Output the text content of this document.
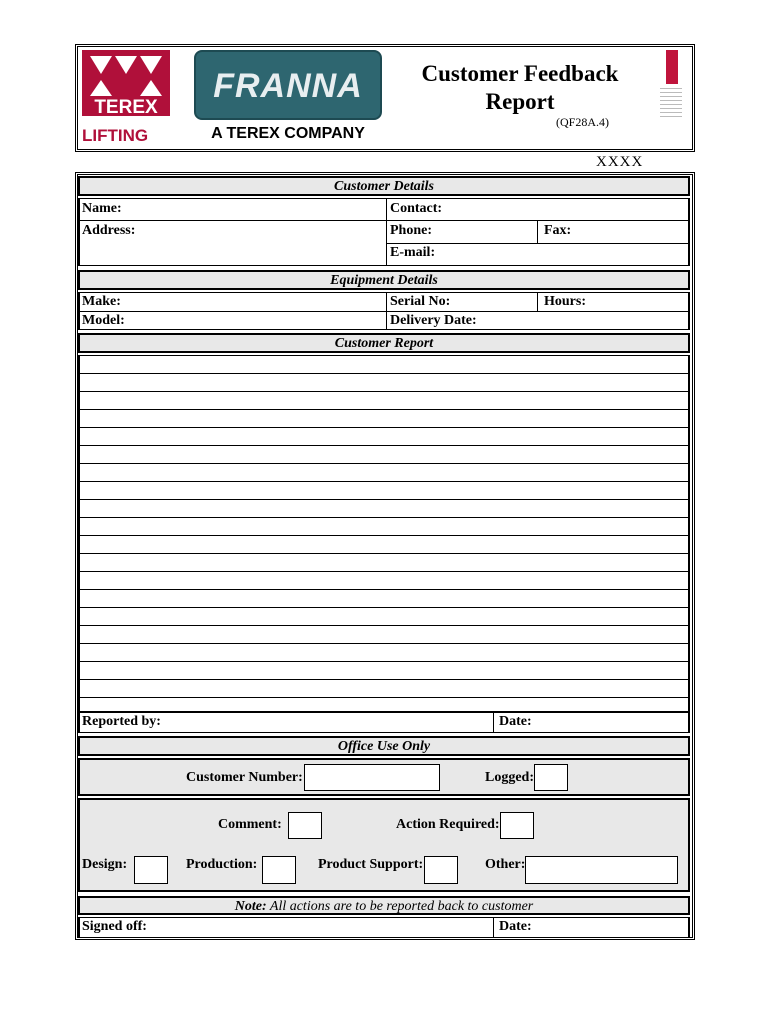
TEREX
LIFTING
FRANNA
A TEREX COMPANY
Customer Feedback
Report
(QF28A.4)
XXXX
Customer Details
Name:	Contact:
Address:	Phone:	Fax:
E-mail:
Equipment Details
Make:	Serial No:	Hours:
Model:	Delivery Date:
Customer Report
Reported by:	Date:
Office Use Only
Customer Number:	Logged:
Comment:	Action Required:
Design:	Production:	Product Support:	Other:
Note: All actions are to be reported back to customer
Signed off:	Date:
